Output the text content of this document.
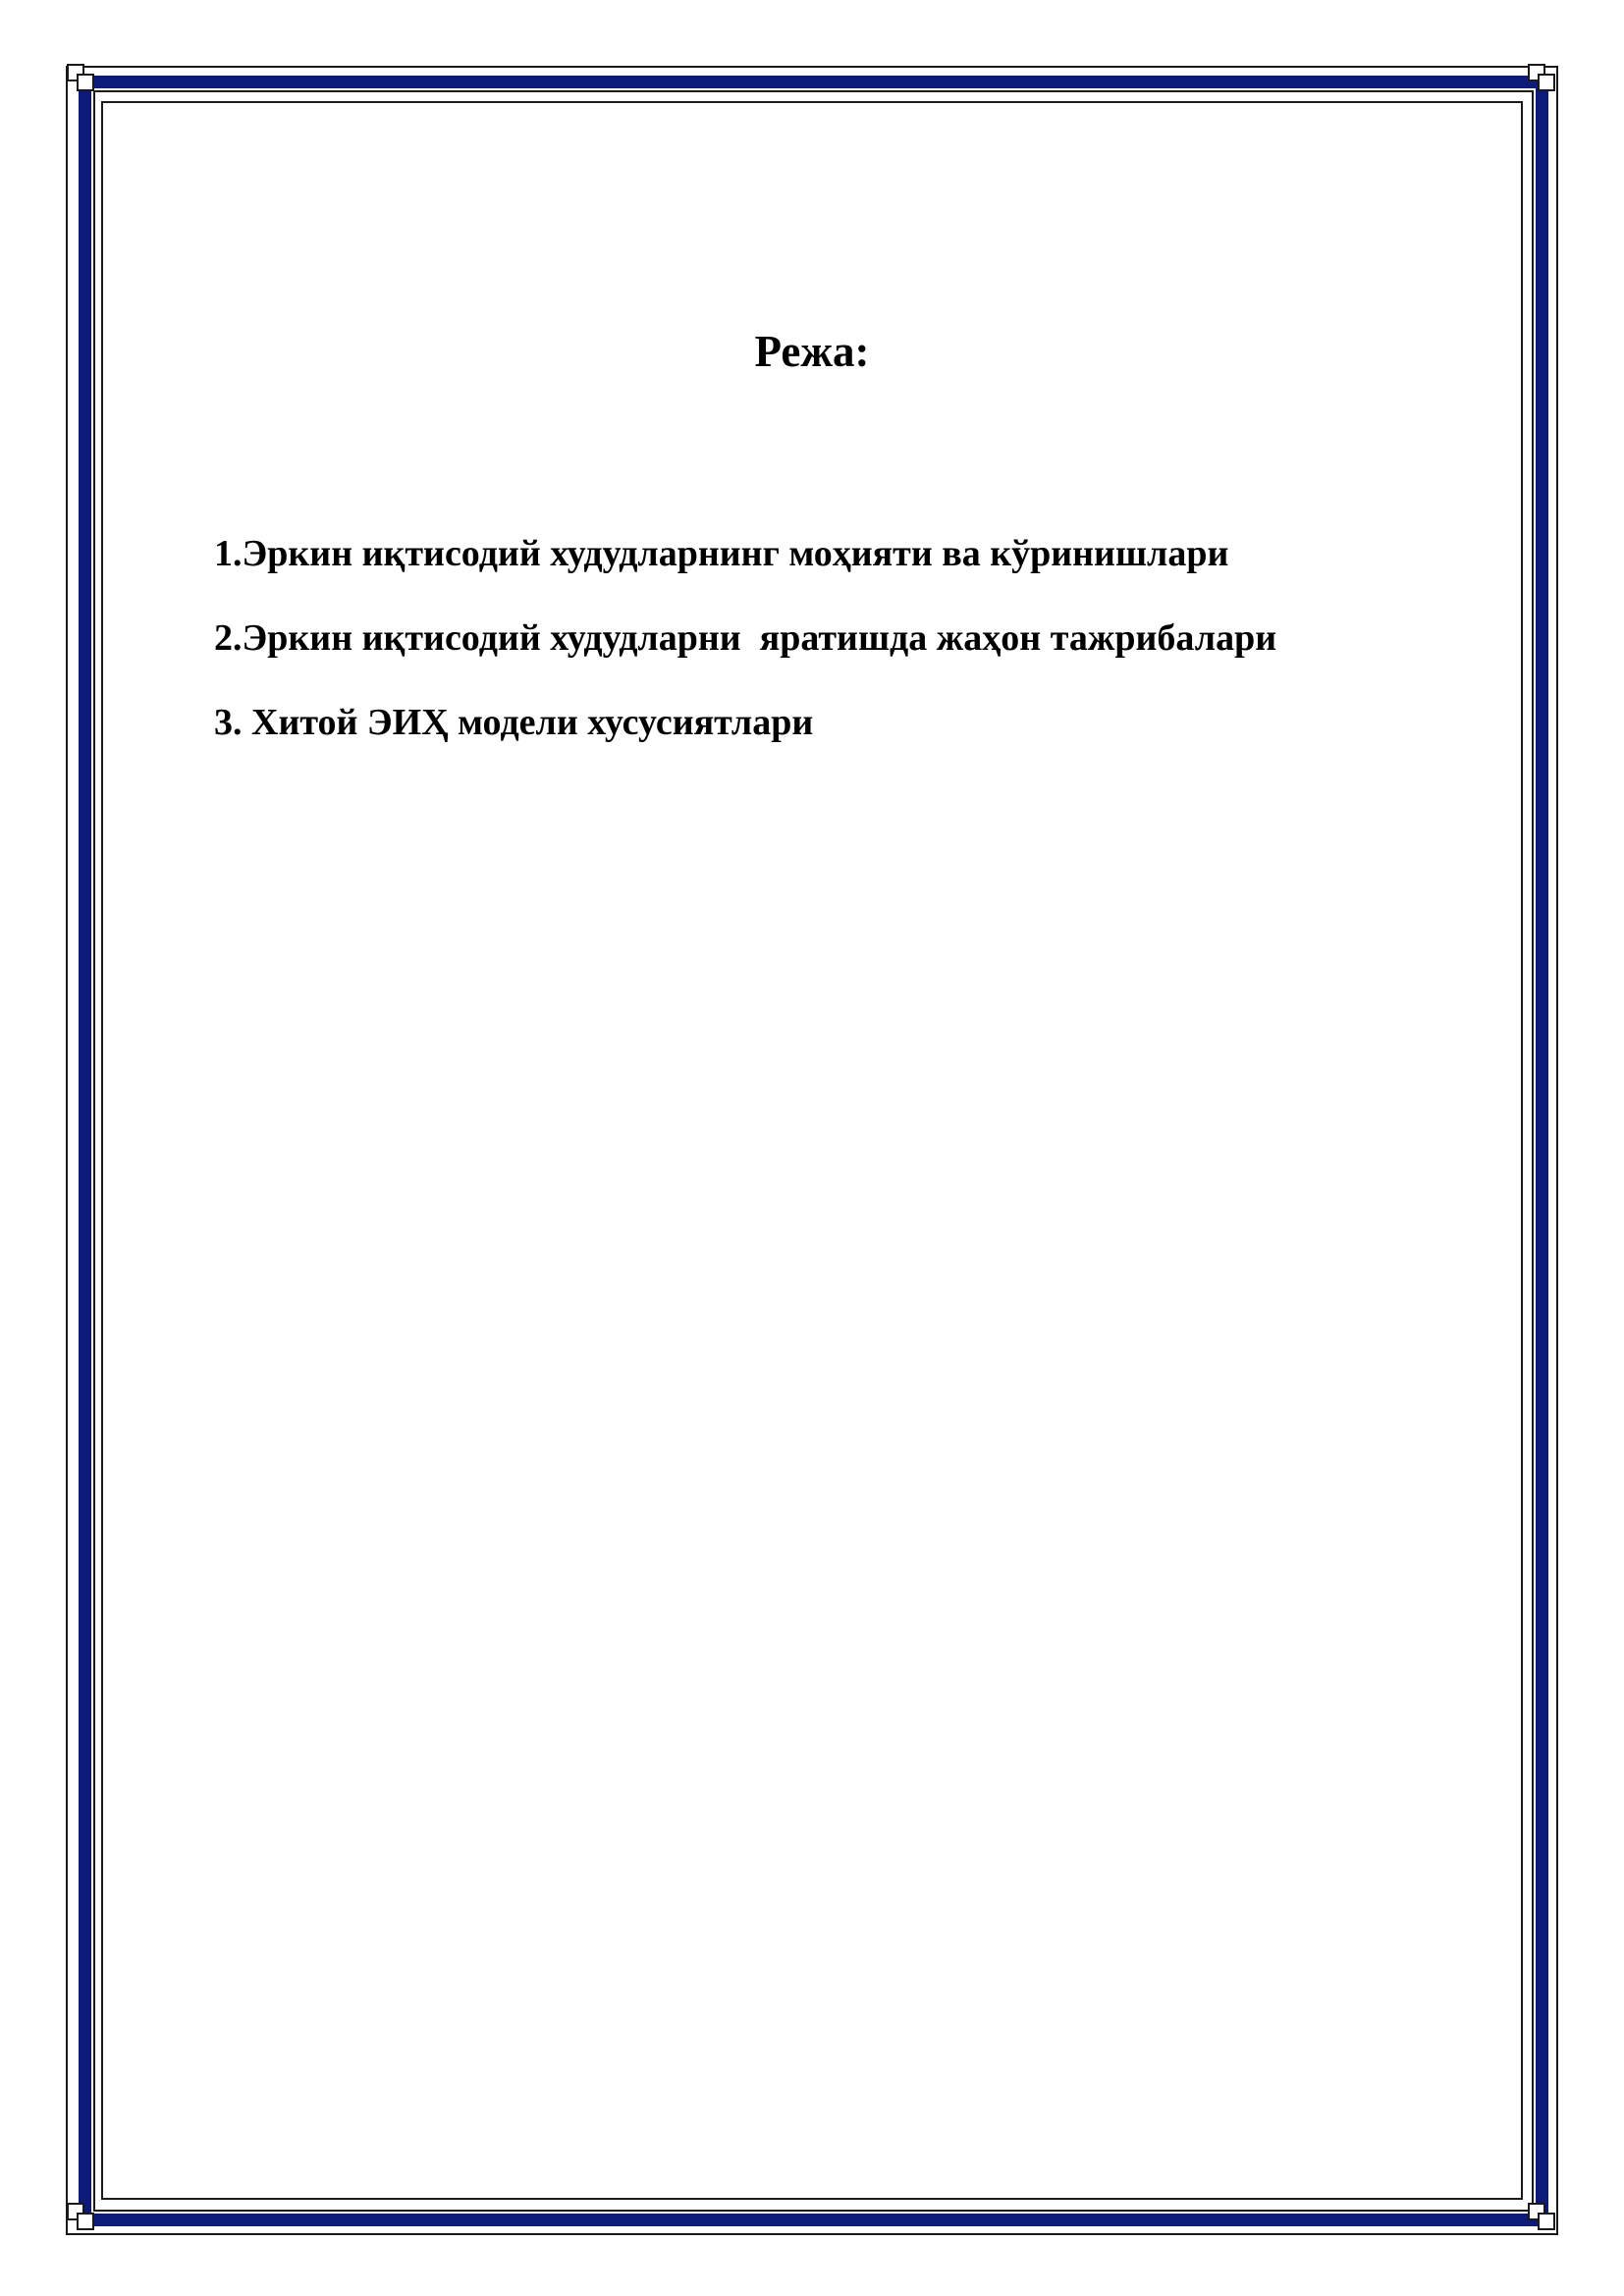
Режа:
1.Эркин иқтисодий худудларнинг моҳияти ва кўринишлари
2.Эркин иқтисодий худудларни  яратишда жаҳон тажрибалари
3. Хитой ЭИҲ модели хусусиятлари
